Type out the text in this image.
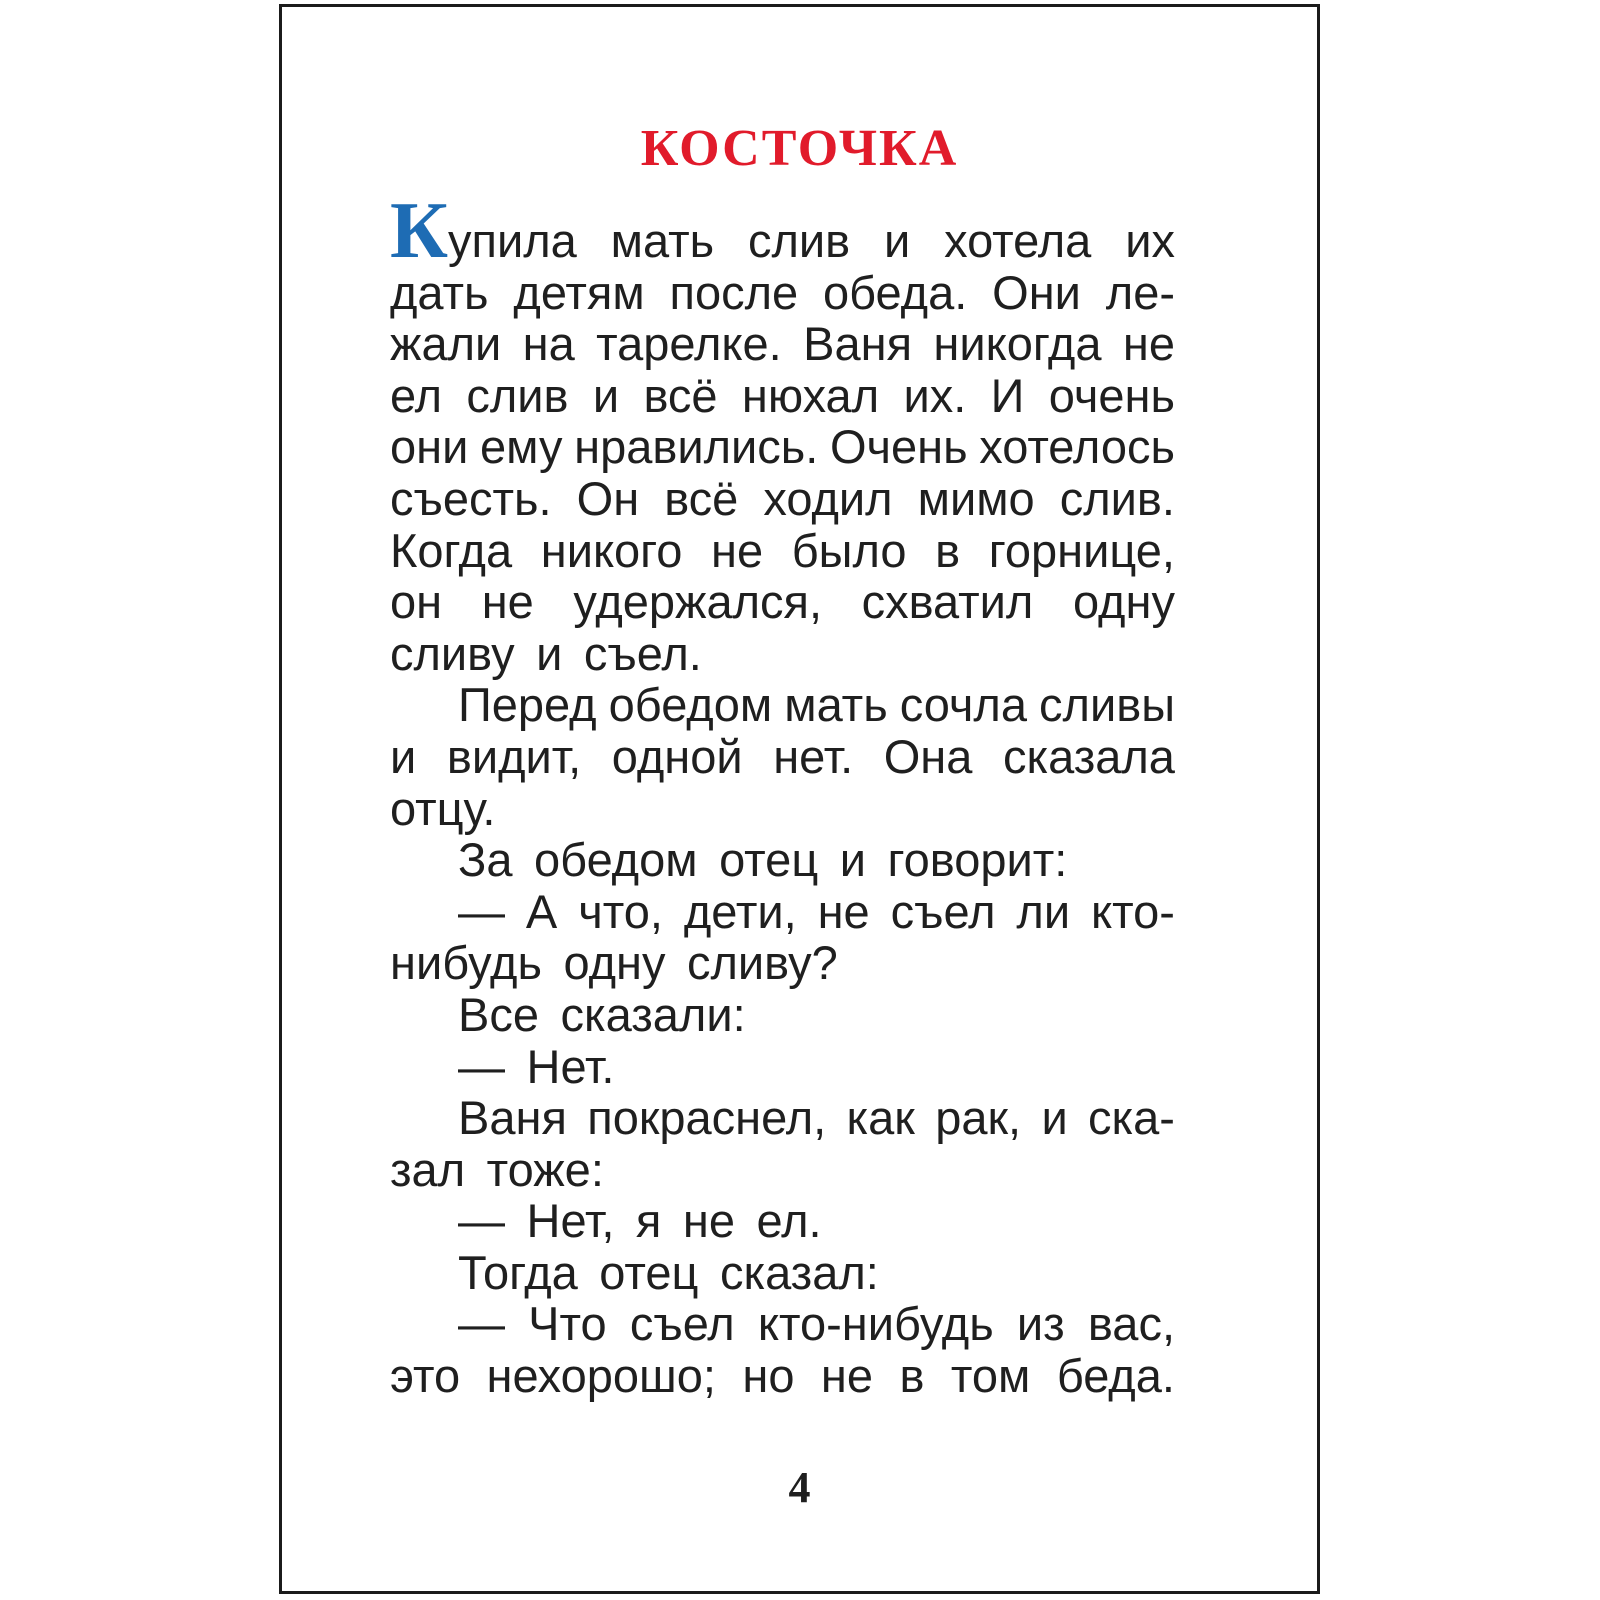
КОСТОЧКА
Купила мать слив и хотела их
дать детям после обеда. Они ле-
жали на тарелке. Ваня никогда не
ел слив и всё нюхал их. И очень
они ему нравились. Очень хотелось
съесть. Он всё ходил мимо слив.
Когда никого не было в горнице,
он не удержался, схватил одну
сливу и съел.
Перед обедом мать сочла сливы
и видит, одной нет. Она сказала
отцу.
За обедом отец и говорит:
— А что, дети, не съел ли кто-
нибудь одну сливу?
Все сказали:
— Нет.
Ваня покраснел, как рак, и ска-
зал тоже:
— Нет, я не ел.
Тогда отец сказал:
— Что съел кто-нибудь из вас,
это нехорошо; но не в том беда.
4
